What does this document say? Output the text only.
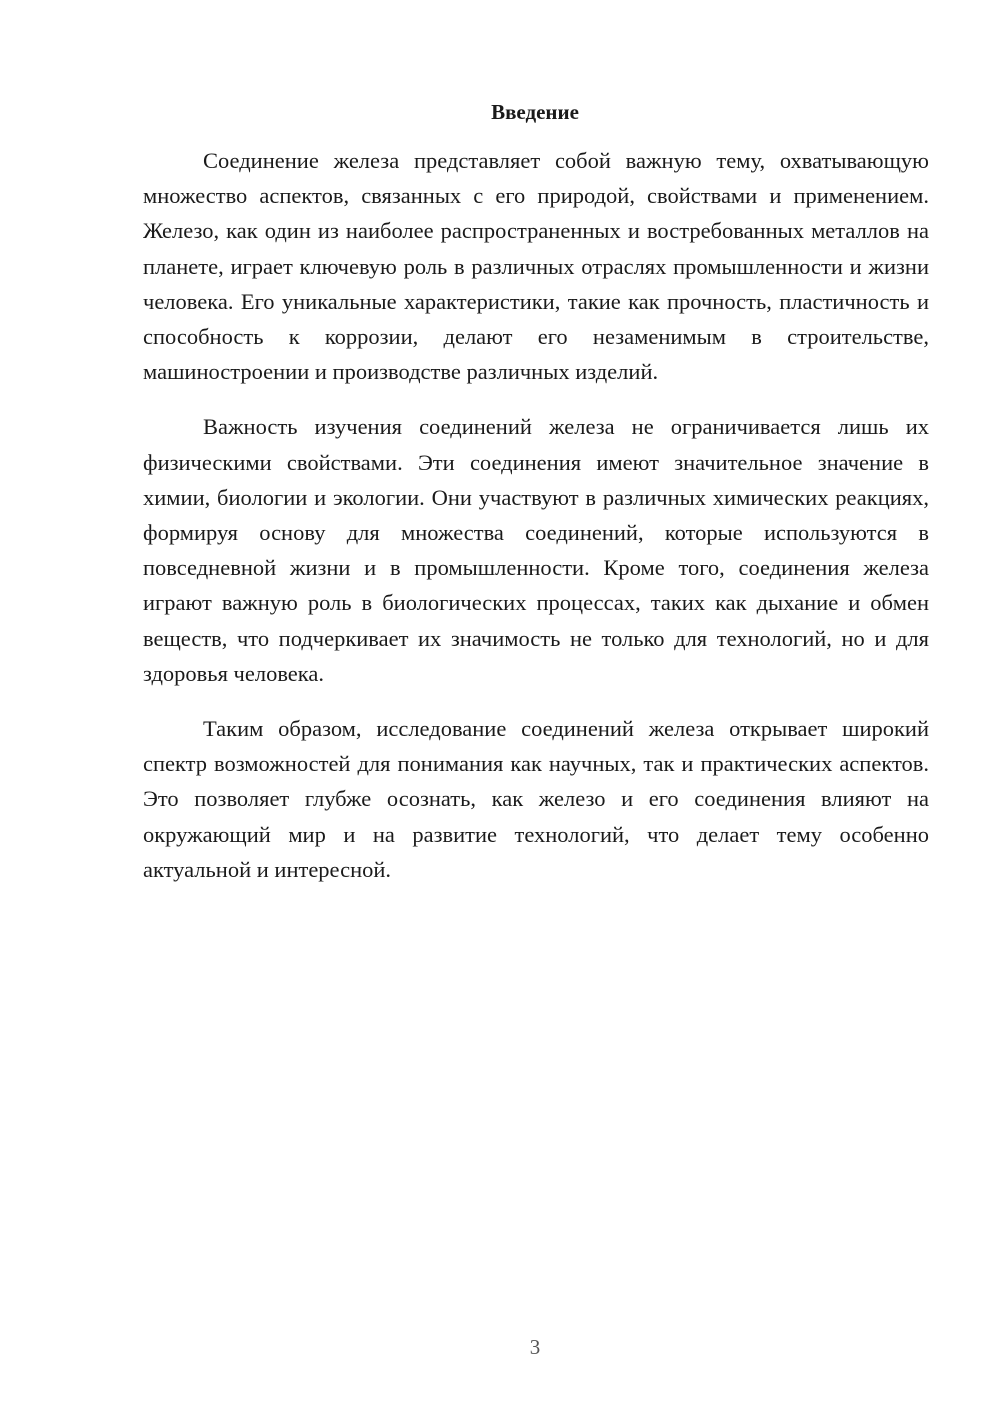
Введение

Соединение железа представляет собой важную тему, охватывающую множество аспектов, связанных с его природой, свойствами и применением. Железо, как один из наиболее распространенных и востребованных металлов на планете, играет ключевую роль в различных отраслях промышленности и жизни человека. Его уникальные характеристики, такие как прочность, пластичность и способность к коррозии, делают его незаменимым в строительстве, машиностроении и производстве различных изделий.

Важность изучения соединений железа не ограничивается лишь их физическими свойствами. Эти соединения имеют значительное значение в химии, биологии и экологии. Они участвуют в различных химических реакциях, формируя основу для множества соединений, которые используются в повседневной жизни и в промышленности. Кроме того, соединения железа играют важную роль в биологических процессах, таких как дыхание и обмен веществ, что подчеркивает их значимость не только для технологий, но и для здоровья человека.

Таким образом, исследование соединений железа открывает широкий спектр возможностей для понимания как научных, так и практических аспектов. Это позволяет глубже осознать, как железо и его соединения влияют на окружающий мир и на развитие технологий, что делает тему особенно актуальной и интересной.

3
